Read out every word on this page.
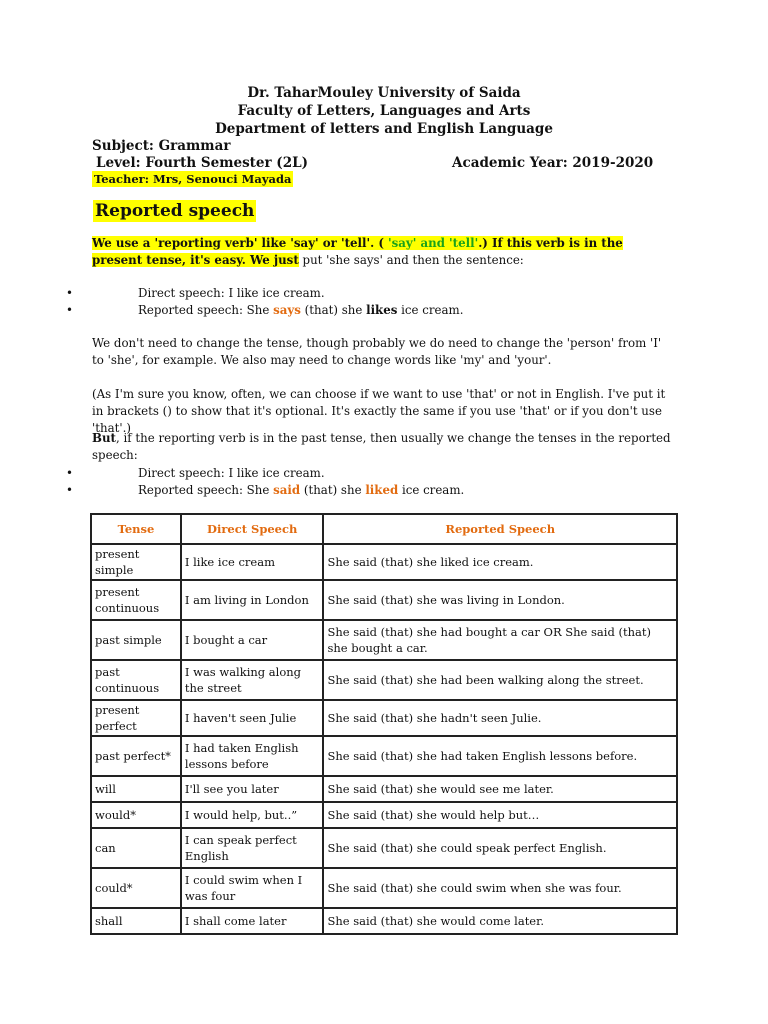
Dr. TaharMouley University of Saida
Faculty of Letters, Languages and Arts
Department of letters and English Language
Subject: Grammar
Level: Fourth Semester (2L)	Academic Year: 2019-2020
Teacher: Mrs, Senouci Mayada
Reported speech
We use a 'reporting verb' like 'say' or 'tell'. ( 'say' and 'tell'.) If this verb is in the present tense, it's easy. We just put 'she says' and then the sentence:
•	Direct speech: I like ice cream.
•	Reported speech: She says (that) she likes ice cream.
We don't need to change the tense, though probably we do need to change the 'person' from 'I' to 'she', for example. We also may need to change words like 'my' and 'your'.
(As I'm sure you know, often, we can choose if we want to use 'that' or not in English. I've put it in brackets () to show that it's optional. It's exactly the same if you use 'that' or if you don't use 'that'.)
But, if the reporting verb is in the past tense, then usually we change the tenses in the reported speech:
•	Direct speech: I like ice cream.
•	Reported speech: She said (that) she liked ice cream.
Tense	Direct Speech	Reported Speech
present simple	I like ice cream	She said (that) she liked ice cream.
present continuous	I am living in London	She said (that) she was living in London.
past simple	I bought a car	She said (that) she had bought a car OR She said (that) she bought a car.
past continuous	I was walking along the street	She said (that) she had been walking along the street.
present perfect	I haven't seen Julie	She said (that) she hadn't seen Julie.
past perfect*	I had taken English lessons before	She said (that) she had taken English lessons before.
will	I'll see you later	She said (that) she would see me later.
would*	I would help, but..”	She said (that) she would help but…
can	I can speak perfect English	She said (that) she could speak perfect English.
could*	I could swim when I was four	She said (that) she could swim when she was four.
shall	I shall come later	She said (that) she would come later.
